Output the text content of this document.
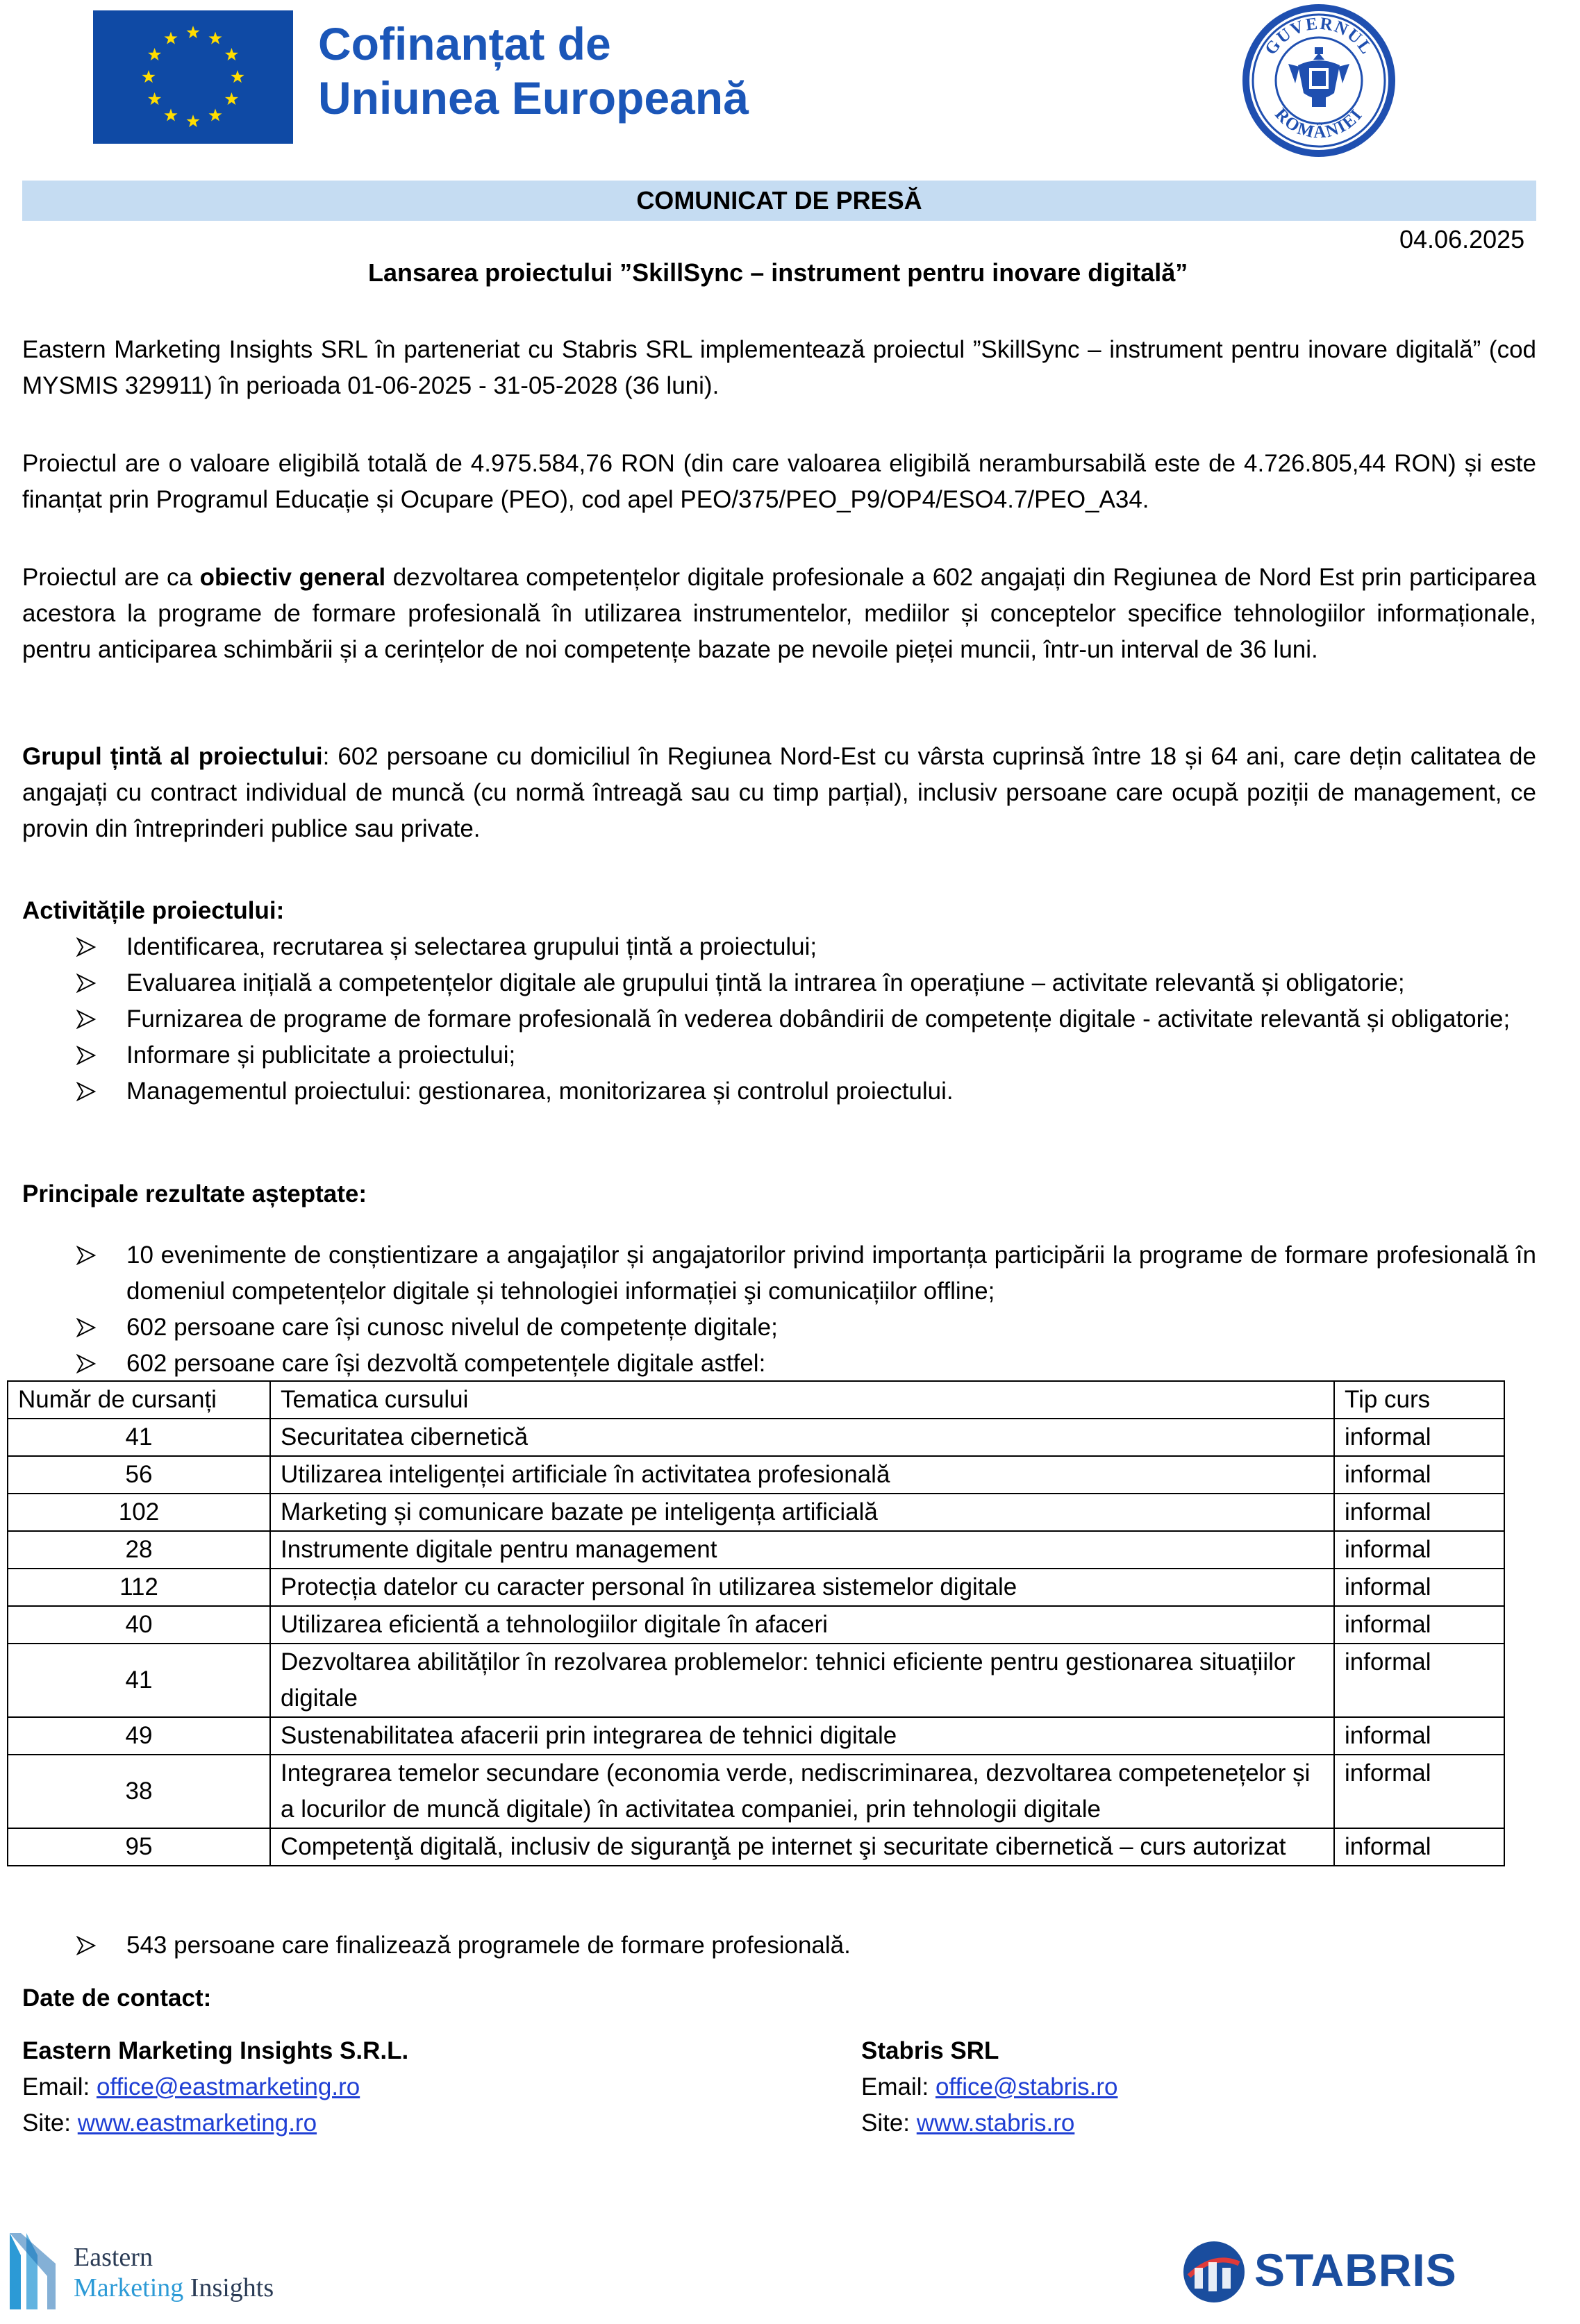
Cofinanțat de
Uniunea Europeană
GUVERNUL
ROMÂNIEI
COMUNICAT DE PRESĂ
04.06.2025
Lansarea proiectului ”SkillSync – instrument pentru inovare digitală”
Eastern Marketing Insights SRL în parteneriat cu Stabris SRL implementează proiectul ”SkillSync – instrument pentru inovare digitală” (cod MYSMIS 329911) în perioada 01-06-2025 - 31-05-2028 (36 luni).
Proiectul are o valoare eligibilă totală de 4.975.584,76 RON (din care valoarea eligibilă nerambursabilă este de 4.726.805,44 RON) și este finanțat prin Programul Educație și Ocupare (PEO), cod apel PEO/375/PEO_P9/OP4/ESO4.7/PEO_A34.
Proiectul are ca obiectiv general dezvoltarea competențelor digitale profesionale a 602 angajați din Regiunea de Nord Est prin participarea acestora la programe de formare profesională în utilizarea instrumentelor, mediilor și conceptelor specifice tehnologiilor informaționale, pentru anticiparea schimbării și a cerințelor de noi competențe bazate pe nevoile pieței muncii, într-un interval de 36 luni.
Grupul țintă al proiectului: 602 persoane cu domiciliul în Regiunea Nord-Est cu vârsta cuprinsă între 18 și 64 ani, care dețin calitatea de angajați cu contract individual de muncă (cu normă întreagă sau cu timp parțial), inclusiv persoane care ocupă poziții de management, ce provin din întreprinderi publice sau private.
Activitățile proiectului:
Identificarea, recrutarea și selectarea grupului țintă a proiectului;
Evaluarea inițială a competențelor digitale ale grupului țintă la intrarea în operațiune – activitate relevantă și obligatorie;
Furnizarea de programe de formare profesională în vederea dobândirii de competențe digitale - activitate relevantă și obligatorie;
Informare și publicitate a proiectului;
Managementul proiectului: gestionarea, monitorizarea și controlul proiectului.
Principale rezultate așteptate:
10 evenimente de conștientizare a angajaților și angajatorilor privind importanța participării la programe de formare profesională în domeniul competențelor digitale și tehnologiei informației şi comunicațiilor offline;
602 persoane care își cunosc nivelul de competențe digitale;
602 persoane care își dezvoltă competențele digitale astfel:
Număr de cursanți	Tematica cursului	Tip curs
41	Securitatea cibernetică	informal
56	Utilizarea inteligenței artificiale în activitatea profesională	informal
102	Marketing și comunicare bazate pe inteligența artificială	informal
28	Instrumente digitale pentru management	informal
112	Protecția datelor cu caracter personal în utilizarea sistemelor digitale	informal
40	Utilizarea eficientă a tehnologiilor digitale în afaceri	informal
41	Dezvoltarea abilităților în rezolvarea problemelor: tehnici eficiente pentru gestionarea situațiilor digitale	informal
49	Sustenabilitatea afacerii prin integrarea de tehnici digitale	informal
38	Integrarea temelor secundare (economia verde, nediscriminarea, dezvoltarea competenețelor și a locurilor de muncă digitale) în activitatea companiei, prin tehnologii digitale	informal
95	Competenţă digitală, inclusiv de siguranţă pe internet şi securitate cibernetică – curs autorizat	informal
543 persoane care finalizează programele de formare profesională.
Date de contact:
Eastern Marketing Insights S.R.L.
Email: office@eastmarketing.ro
Site: www.eastmarketing.ro
Stabris SRL
Email: office@stabris.ro
Site: www.stabris.ro
Eastern
Marketing Insights	STABRIS
